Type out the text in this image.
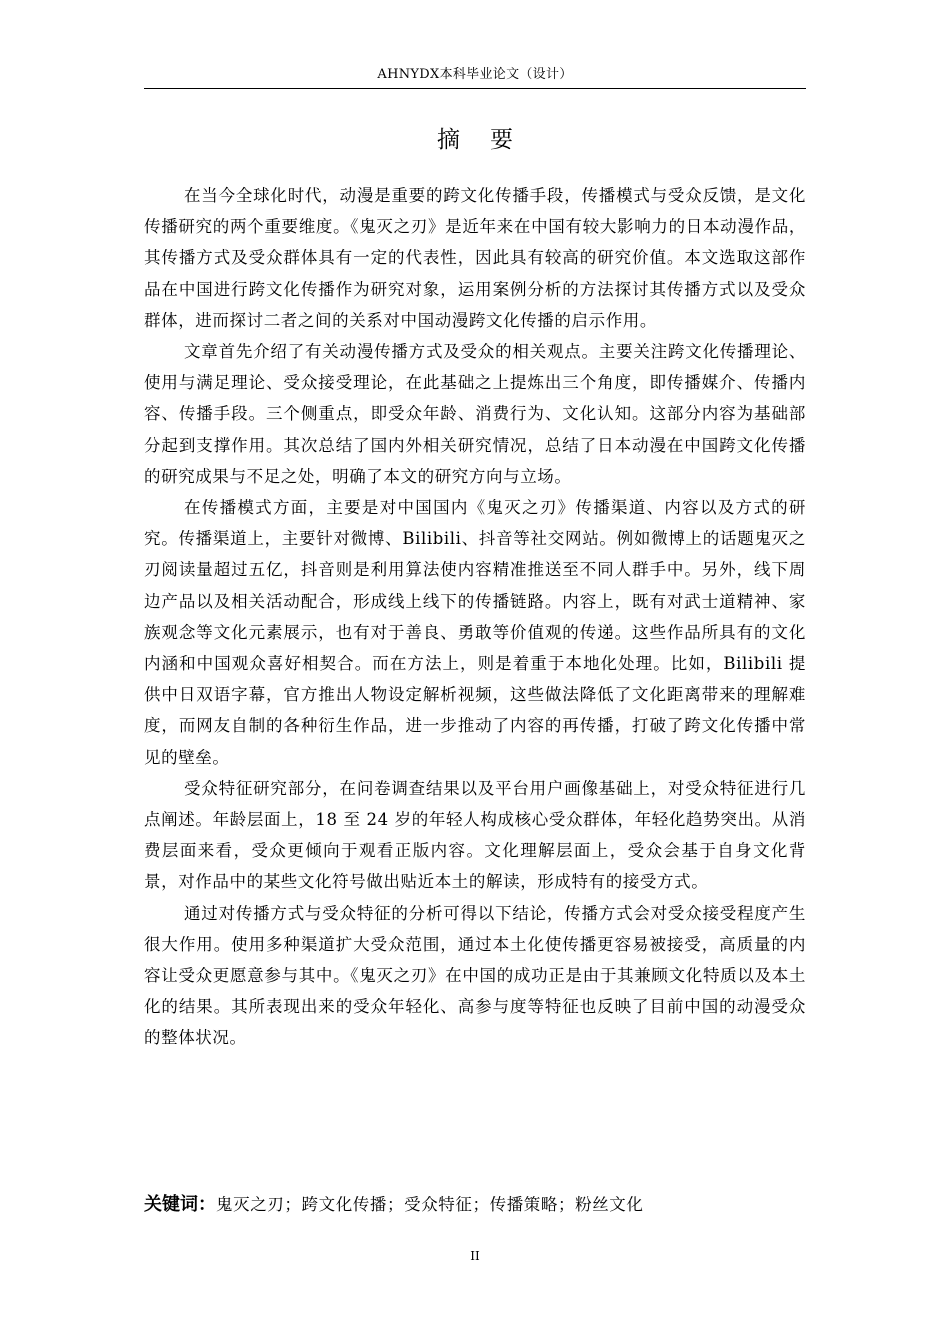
AHNYDX本科毕业论文（设计）
摘要

在当今全球化时代，动漫是重要的跨文化传播手段，传播模式与受众反馈，是文化传播研究的两个重要维度。《鬼灭之刃》是近年来在中国有较大影响力的日本动漫作品，其传播方式及受众群体具有一定的代表性，因此具有较高的研究价值。本文选取这部作品在中国进行跨文化传播作为研究对象，运用案例分析的方法探讨其传播方式以及受众群体，进而探讨二者之间的关系对中国动漫跨文化传播的启示作用。

文章首先介绍了有关动漫传播方式及受众的相关观点。主要关注跨文化传播理论、使用与满足理论、受众接受理论，在此基础之上提炼出三个角度，即传播媒介、传播内容、传播手段。三个侧重点，即受众年龄、消费行为、文化认知。这部分内容为基础部分起到支撑作用。其次总结了国内外相关研究情况，总结了日本动漫在中国跨文化传播的研究成果与不足之处，明确了本文的研究方向与立场。

在传播模式方面，主要是对中国国内《鬼灭之刃》传播渠道、内容以及方式的研究。传播渠道上，主要针对微博、Bilibili、抖音等社交网站。例如微博上的话题鬼灭之刃阅读量超过五亿，抖音则是利用算法使内容精准推送至不同人群手中。另外，线下周边产品以及相关活动配合，形成线上线下的传播链路。内容上，既有对武士道精神、家族观念等文化元素展示，也有对于善良、勇敢等价值观的传递。这些作品所具有的文化内涵和中国观众喜好相契合。而在方法上，则是着重于本地化处理。比如，Bilibili 提供中日双语字幕，官方推出人物设定解析视频，这些做法降低了文化距离带来的理解难度，而网友自制的各种衍生作品，进一步推动了内容的再传播，打破了跨文化传播中常见的壁垒。

受众特征研究部分，在问卷调查结果以及平台用户画像基础上，对受众特征进行几点阐述。年龄层面上，18 至 24 岁的年轻人构成核心受众群体，年轻化趋势突出。从消费层面来看，受众更倾向于观看正版内容。文化理解层面上，受众会基于自身文化背景，对作品中的某些文化符号做出贴近本土的解读，形成特有的接受方式。

通过对传播方式与受众特征的分析可得以下结论，传播方式会对受众接受程度产生很大作用。使用多种渠道扩大受众范围，通过本土化使传播更容易被接受，高质量的内容让受众更愿意参与其中。《鬼灭之刃》在中国的成功正是由于其兼顾文化特质以及本土化的结果。其所表现出来的受众年轻化、高参与度等特征也反映了目前中国的动漫受众的整体状况。

关键词：鬼灭之刃；跨文化传播；受众特征；传播策略；粉丝文化
II
